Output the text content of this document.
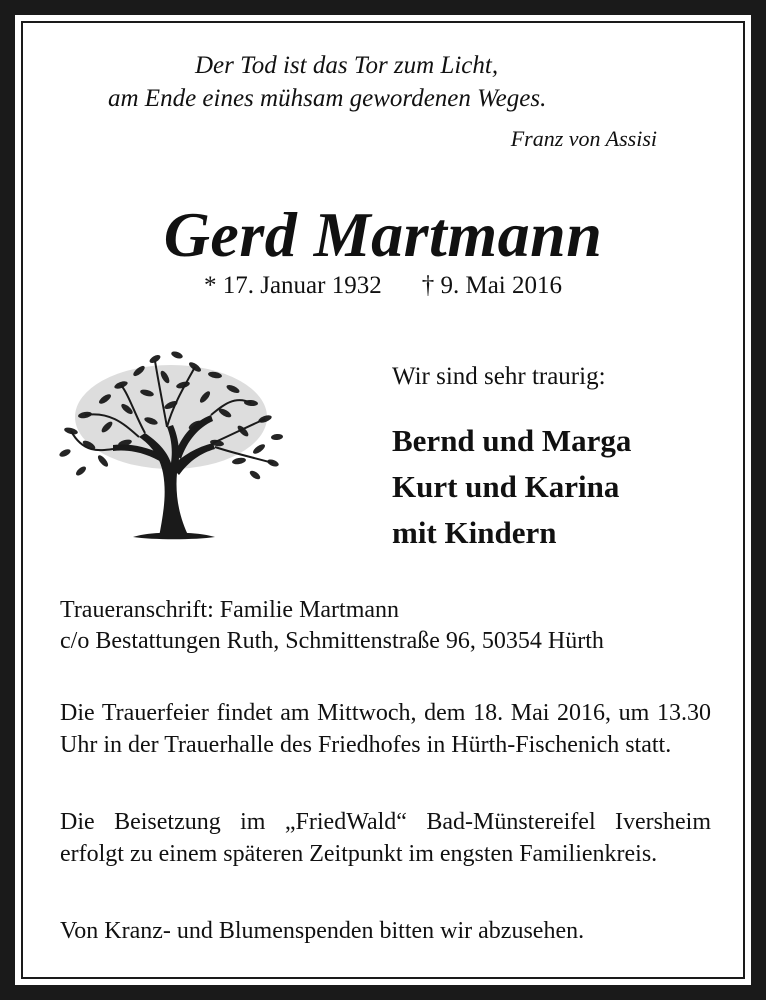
Der Tod ist das Tor zum Licht,
am Ende eines mühsam gewordenen Weges.
Franz von Assisi
Gerd Martmann
* 17. Januar 1932 † 9. Mai 2016
Wir sind sehr traurig:
Bernd und Marga
Kurt und Karina
mit Kindern
Traueranschrift: Familie Martmann
c/o Bestattungen Ruth, Schmittenstraße 96, 50354 Hürth
Die Trauerfeier findet am Mittwoch, dem 18. Mai 2016, um 13.30 Uhr in der Trauerhalle des Friedhofes in Hürth-Fischenich statt.
Die Beisetzung im „FriedWald“ Bad-Münstereifel Iversheim erfolgt zu einem späteren Zeitpunkt im engsten Familienkreis.
Von Kranz- und Blumenspenden bitten wir abzusehen.
